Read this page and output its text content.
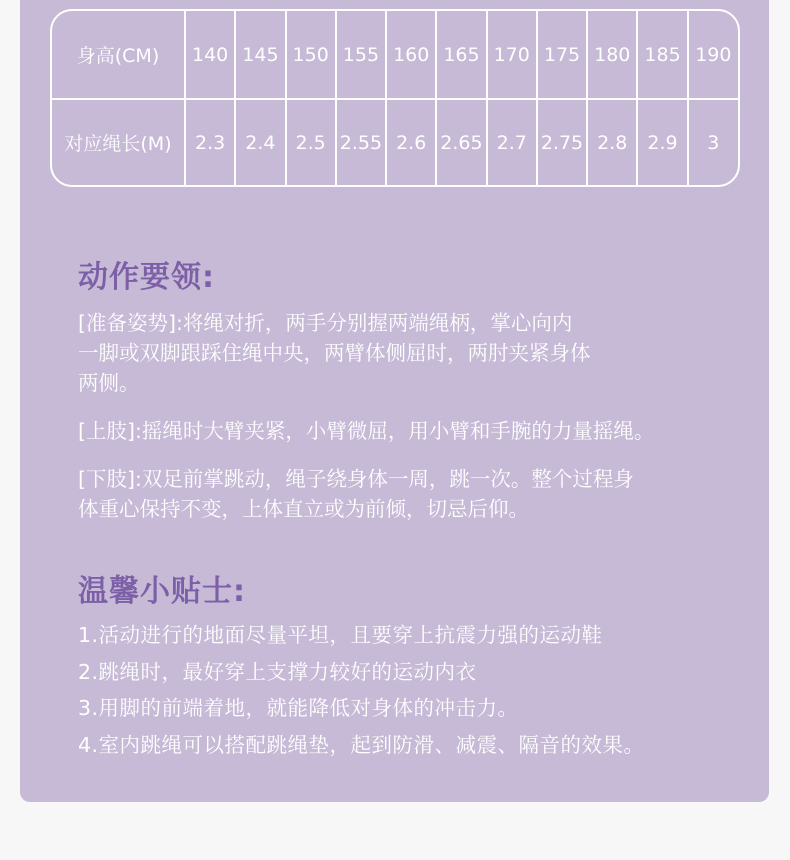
身高(CM)	140	145	150	155	160	165	170	175	180	185	190
对应绳长(M)	2.3	2.4	2.5	2.55	2.6	2.65	2.7	2.75	2.8	2.9	3
动作要领:

[准备姿势]:将绳对折，两手分别握两端绳柄，掌心向内
一脚或双脚跟踩住绳中央，两臂体侧屈时，两肘夹紧身体
两侧。

[上肢]:摇绳时大臂夹紧，小臂微屈，用小臂和手腕的力量摇绳。

[下肢]:双足前掌跳动，绳子绕身体一周，跳一次。整个过程身
体重心保持不变，上体直立或为前倾，切忌后仰。

温馨小贴士:
1.活动进行的地面尽量平坦，且要穿上抗震力强的运动鞋
2.跳绳时，最好穿上支撑力较好的运动内衣
3.用脚的前端着地，就能降低对身体的冲击力。
4.室内跳绳可以搭配跳绳垫，起到防滑、减震、隔音的效果。
